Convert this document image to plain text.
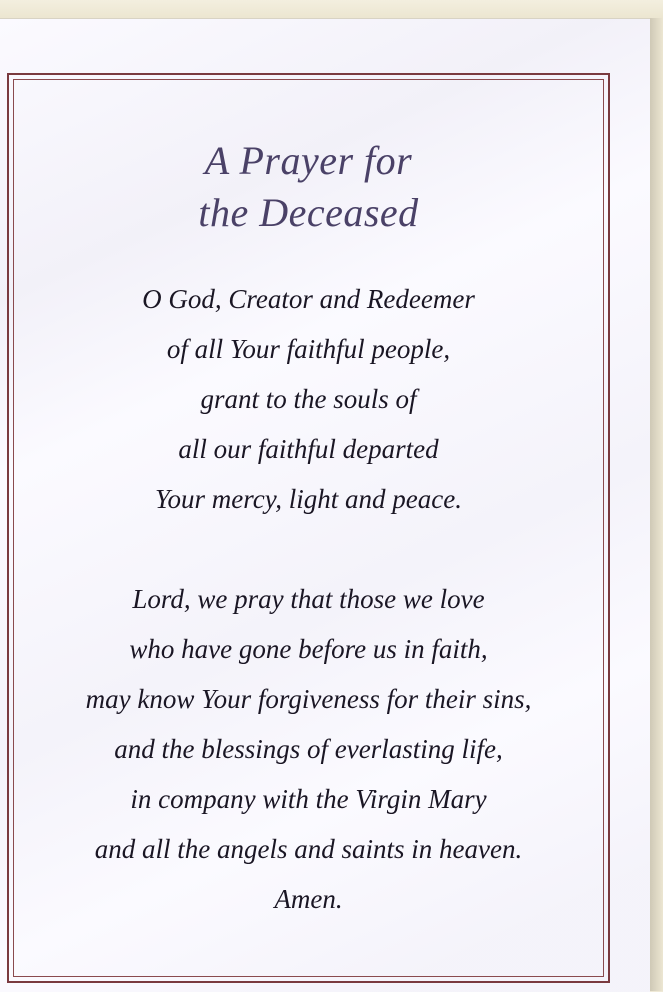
A Prayer for
the Deceased
O God, Creator and Redeemer
of all Your faithful people,
grant to the souls of
all our faithful departed
Your mercy, light and peace.
Lord, we pray that those we love
who have gone before us in faith,
may know Your forgiveness for their sins,
and the blessings of everlasting life,
in company with the Virgin Mary
and all the angels and saints in heaven.
Amen.
